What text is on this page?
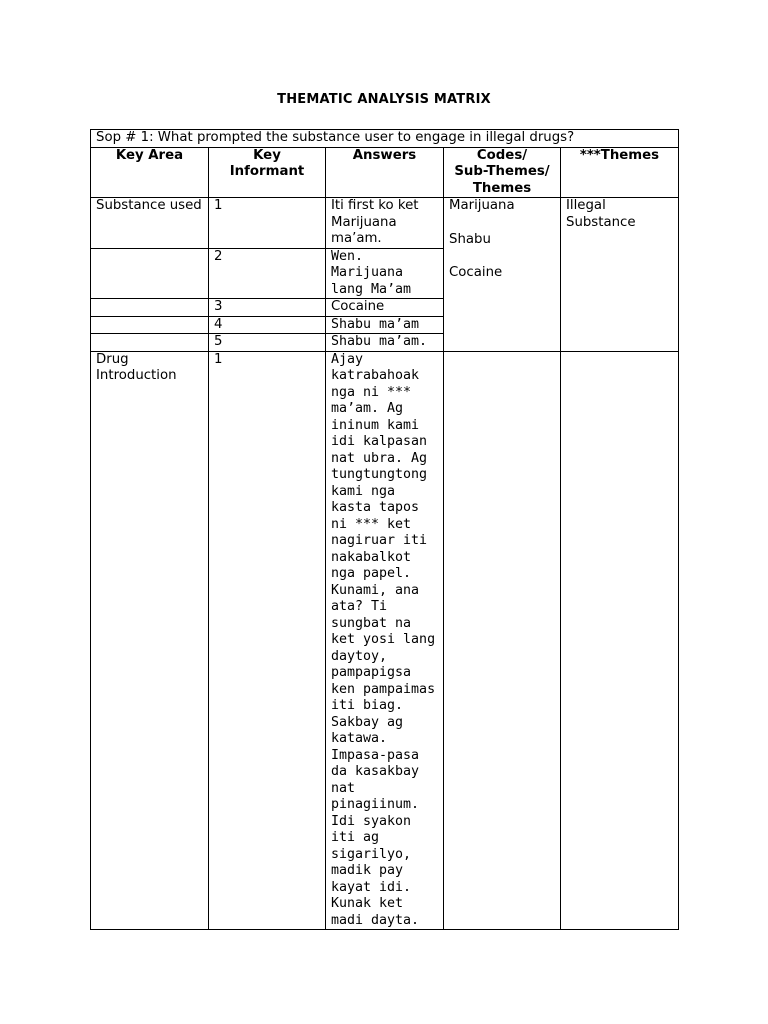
THEMATIC ANALYSIS MATRIX
Sop # 1: What prompted the substance user to engage in illegal drugs?				
Key Area	Key Informant	Answers	Codes/
Sub-Themes/
Themes	***Themes
Substance used	1	Iti first ko ket Marijuana ma’am.	Marijuana
Shabu
Cocaine	Illegal Substance
	2	Wen. Marijuana lang Ma’am		
	3	Cocaine		
	4	Shabu ma’am		
	5	Shabu ma’am.		
Drug Introduction	1	Ajay katrabahoak nga ni *** ma’am. Ag ininum kami idi kalpasan nat ubra. Ag tungtungtong kami nga kasta tapos ni *** ket nagiruar iti nakabalkot nga papel. Kunami, ana ata? Ti sungbat na ket yosi lang daytoy, pampapigsa ken pampaimas iti biag. Sakbay ag katawa. Impasa-pasa da kasakbay nat pinagiinum. Idi syakon iti ag sigarilyo, madik pay kayat idi. Kunak ket madi dayta.		
